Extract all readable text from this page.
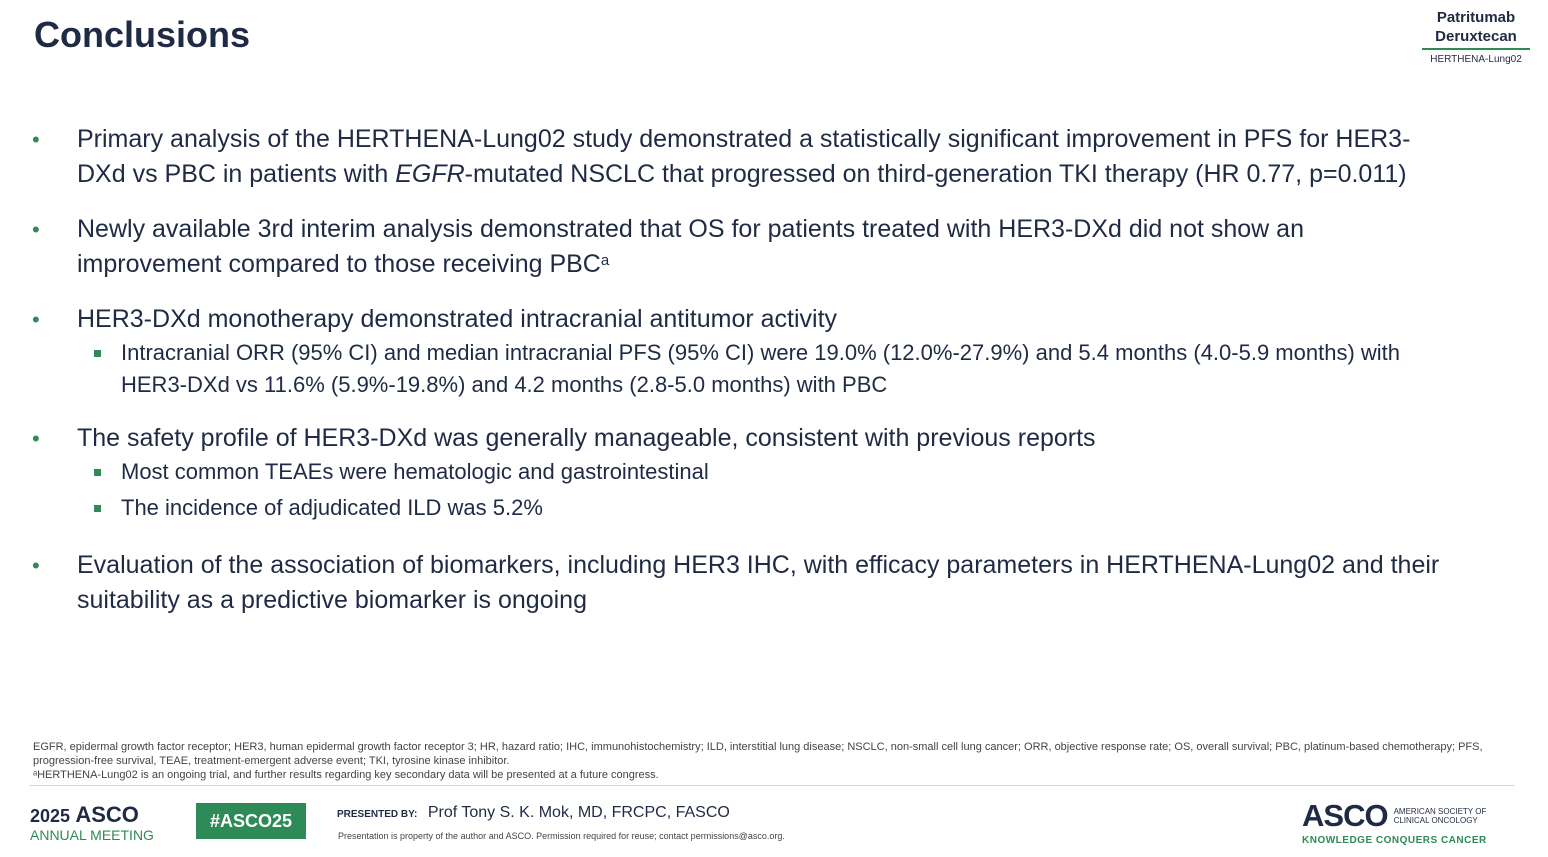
Conclusions	Patritumab Deruxtecan
HERTHENA-Lung02
• Primary analysis of the HERTHENA-Lung02 study demonstrated a statistically significant improvement in PFS for HER3-DXd vs PBC in patients with EGFR-mutated NSCLC that progressed on third-generation TKI therapy (HR 0.77, p=0.011)
• Newly available 3rd interim analysis demonstrated that OS for patients treated with HER3-DXd did not show an improvement compared to those receiving PBC$^a$
• HER3-DXd monotherapy demonstrated intracranial antitumor activity
Intracranial ORR (95% CI) and median intracranial PFS (95% CI) were 19.0% (12.0%-27.9%) and 5.4 months (4.0-5.9 months) with HER3-DXd vs 11.6% (5.9%-19.8%) and 4.2 months (2.8-5.0 months) with PBC
• The safety profile of HER3-DXd was generally manageable, consistent with previous reports
Most common TEAEs were hematologic and gastrointestinal
The incidence of adjudicated ILD was 5.2%
• Evaluation of the association of biomarkers, including HER3 IHC, with efficacy parameters in HERTHENA-Lung02 and their suitability as a predictive biomarker is ongoing
EGFR, epidermal growth factor receptor; HER3, human epidermal growth factor receptor 3; HR, hazard ratio; IHC, immunohistochemistry; ILD, interstitial lung disease; NSCLC, non-small cell lung cancer; ORR, objective response rate; OS, overall survival; PBC, platinum-based chemotherapy; PFS, progression-free survival, TEAE, treatment-emergent adverse event; TKI, tyrosine kinase inhibitor.
ᵃHERTHENA-Lung02 is an ongoing trial, and further results regarding key secondary data will be presented at a future congress.
2025 ASCO
ANNUAL MEETING
#ASCO25	PRESENTED BY: Prof Tony S. K. Mok, MD, FRCPC, FASCO
Presentation is property of the author and ASCO. Permission required for reuse; contact permissions@asco.org.
ASCO AMERICAN SOCIETY OF
CLINICAL ONCOLOGY
KNOWLEDGE CONQUERS CANCER
